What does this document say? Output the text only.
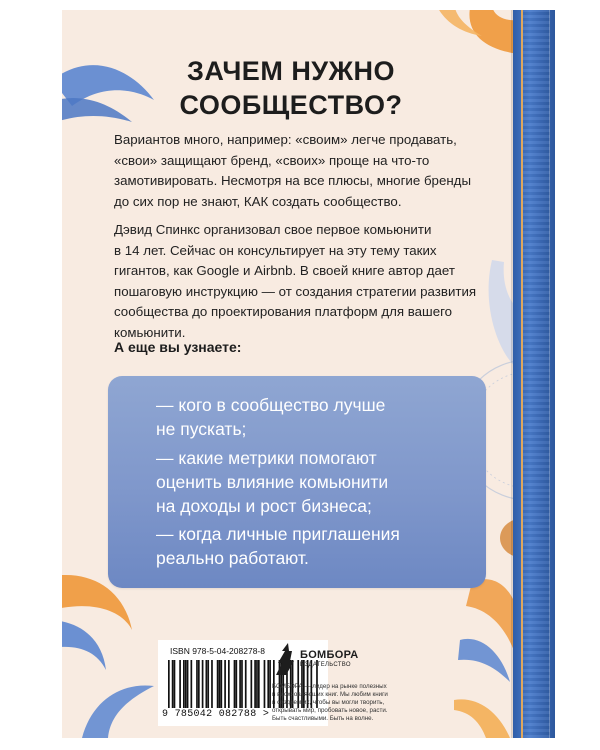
ЗАЧЕМ НУЖНО
СООБЩЕСТВО?
Вариантов много, например: «своим» легче продавать,
«свои» защищают бренд, «своих» проще на что-то
замотивировать. Несмотря на все плюсы, многие бренды
до сих пор не знают, КАК создать сообщество.
Дэвид Спинкс организовал свое первое комьюнити
в 14 лет. Сейчас он консультирует на эту тему таких
гигантов, как Google и Airbnb. В своей книге автор дает
пошаговую инструкцию — от создания стратегии развития
сообщества до проектирования платформ для вашего
комьюнити.
А еще вы узнаете:
— кого в сообщество лучше
не пускать;
— какие метрики помогают
оценить влияние комьюнити
на доходы и рост бизнеса;
— когда личные приглашения
реально работают.
ISBN 978-5-04-208278-8
9 785042 082788 >
БОМБОРА
ИЗДАТЕЛЬСТВО
БОМБОРА — лидер на рынке полезных
и вдохновляющих книг. Мы любим книги
и создаем их, чтобы вы могли творить,
открывать мир, пробовать новое, расти.
Быть счастливыми. Быть на волне.
